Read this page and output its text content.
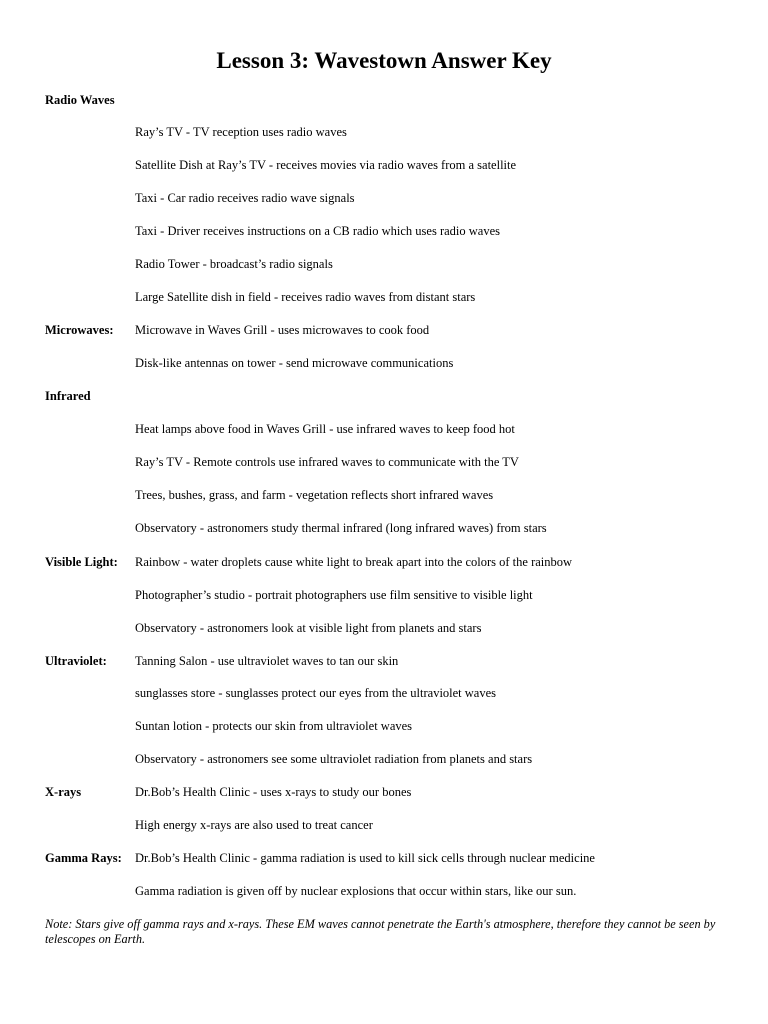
Lesson 3: Wavestown Answer Key
Radio Waves
Ray’s TV - TV reception uses radio waves
Satellite Dish at Ray’s TV - receives movies via radio waves from a satellite
Taxi - Car radio receives radio wave signals
Taxi - Driver receives instructions on a CB radio which uses radio waves
Radio Tower - broadcast’s radio signals
Large Satellite dish in field - receives radio waves from distant stars
Microwaves: Microwave in Waves Grill - uses microwaves to cook food
Disk-like antennas on tower - send microwave communications
Infrared
Heat lamps above food in Waves Grill - use infrared waves to keep food hot
Ray’s TV - Remote controls use infrared waves to communicate with the TV
Trees, bushes, grass, and farm - vegetation reflects short infrared waves
Observatory - astronomers study thermal infrared (long infrared waves) from stars
Visible Light: Rainbow - water droplets cause white light to break apart into the colors of the rainbow
Photographer’s studio - portrait photographers use film sensitive to visible light
Observatory - astronomers look at visible light from planets and stars
Ultraviolet: Tanning Salon - use ultraviolet waves to tan our skin
sunglasses store - sunglasses protect our eyes from the ultraviolet waves
Suntan lotion - protects our skin from ultraviolet waves
Observatory - astronomers see some ultraviolet radiation from planets and stars
X-rays	Dr.Bob’s Health Clinic - uses x-rays to study our bones
High energy x-rays are also used to treat cancer
Gamma Rays: Dr.Bob’s Health Clinic - gamma radiation is used to kill sick cells through nuclear medicine
Gamma radiation is given off by nuclear explosions that occur within stars, like our sun.
Note: Stars give off gamma rays and x-rays. These EM waves cannot penetrate the Earth's atmosphere, therefore they cannot be seen by telescopes on Earth.
